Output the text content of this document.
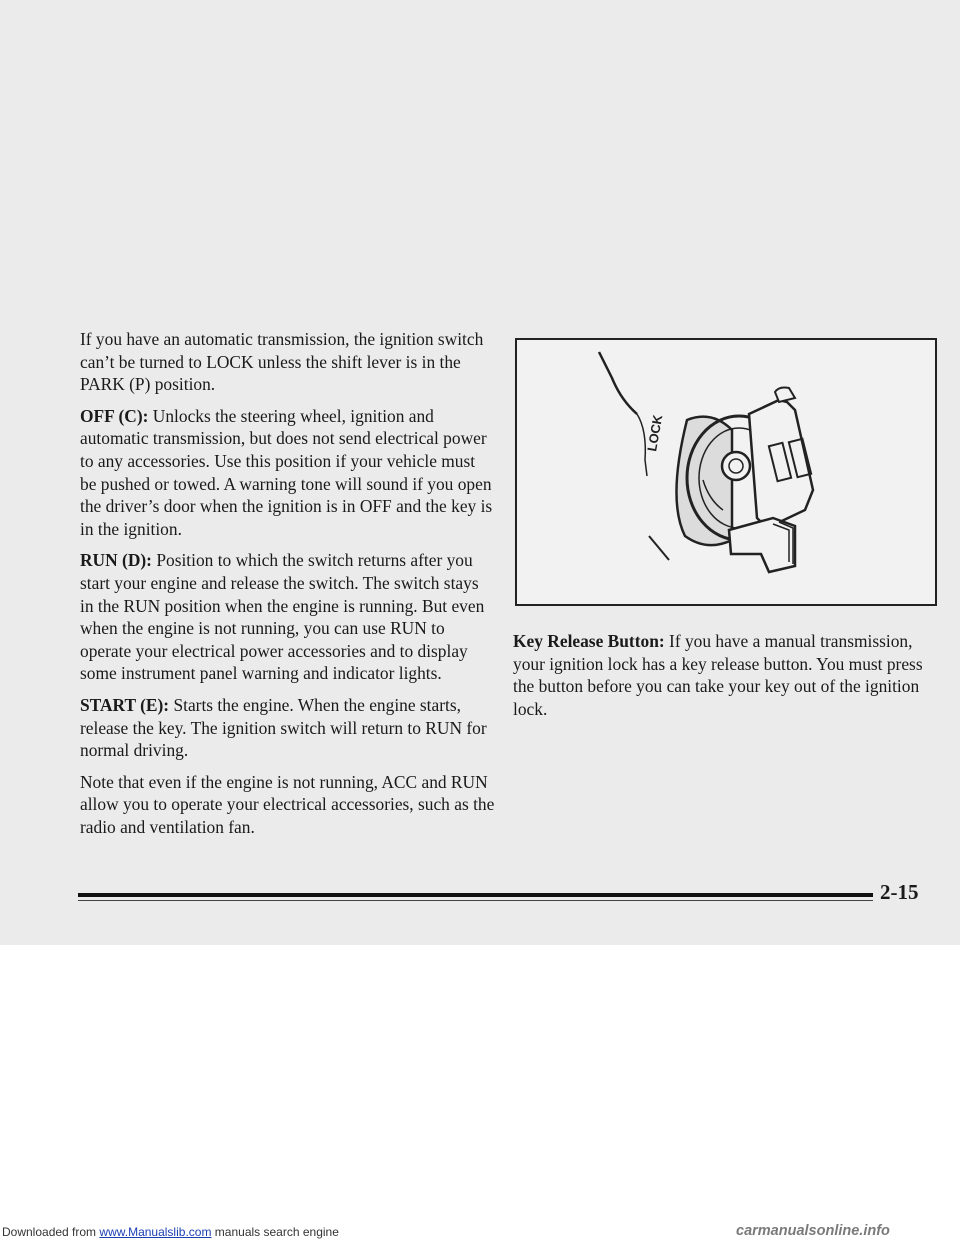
If you have an automatic transmission, the ignition switch can’t be turned to LOCK unless the shift lever is in the PARK (P) position.

OFF (C): Unlocks the steering wheel, ignition and automatic transmission, but does not send electrical power to any accessories. Use this position if your vehicle must be pushed or towed. A warning tone will sound if you open the driver’s door when the ignition is in OFF and the key is in the ignition.

RUN (D): Position to which the switch returns after you start your engine and release the switch. The switch stays in the RUN position when the engine is running. But even when the engine is not running, you can use RUN to operate your electrical power accessories and to display some instrument panel warning and indicator lights.

START (E): Starts the engine. When the engine starts, release the key. The ignition switch will return to RUN for normal driving.

Note that even if the engine is not running, ACC and RUN allow you to operate your electrical accessories, such as the radio and ventilation fan.

LOCK

Key Release Button: If you have a manual transmission, your ignition lock has a key release button. You must press the button before you can take your key out of the ignition lock.

2-15
Downloaded from www.Manualslib.com manuals search engine	carmanualsonline.info
